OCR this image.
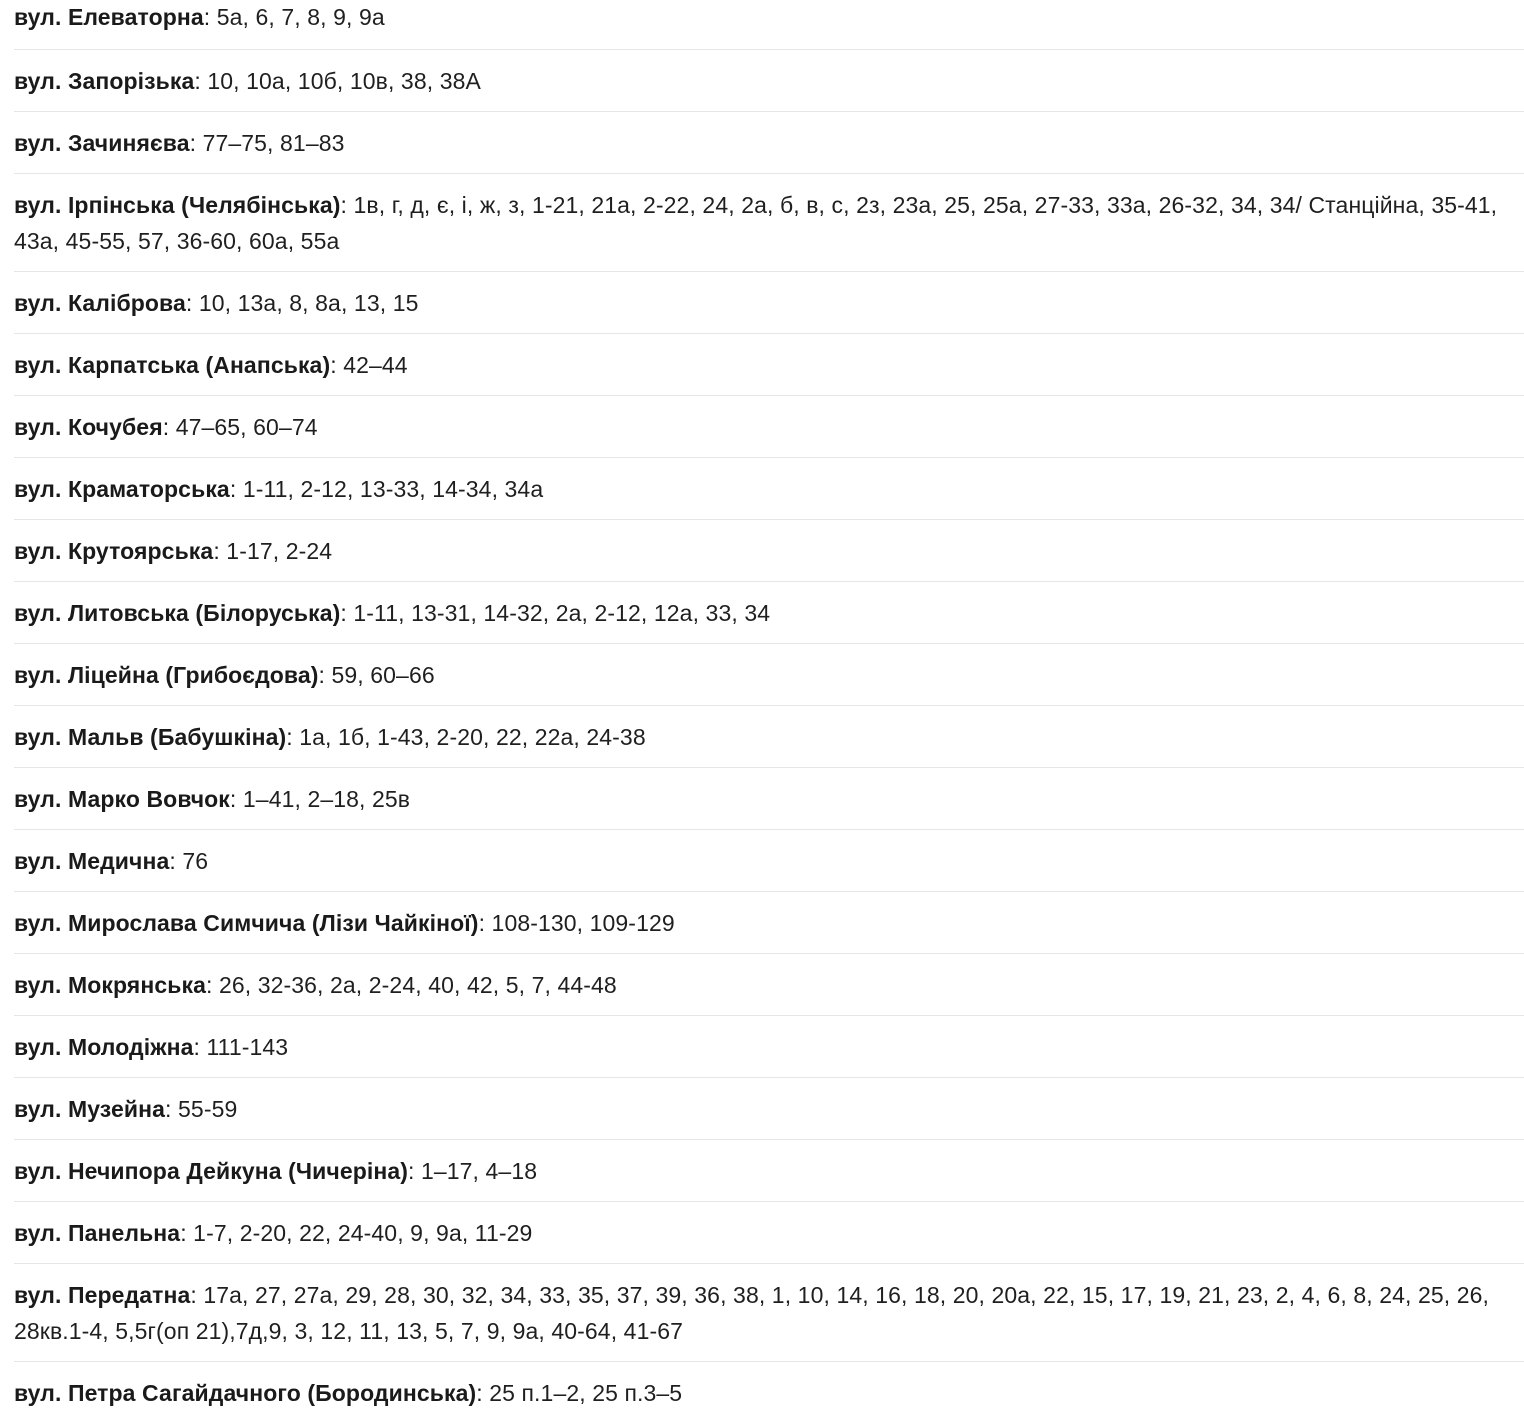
вул. Елеваторна: 5а, 6, 7, 8, 9, 9а
вул. Запорізька: 10, 10а, 10б, 10в, 38, 38А
вул. Зачиняєва: 77–75, 81–83
вул. Ірпінська (Челябінська): 1в, г, д, є, і, ж, з, 1-21, 21а, 2-22, 24, 2а, б, в, с, 2з, 23а, 25, 25а, 27-33, 33а, 26-32, 34, 34/ Станційна, 35-41, 43а, 45-55, 57, 36-60, 60а, 55а
вул. Каліброва: 10, 13а, 8, 8а, 13, 15
вул. Карпатська (Анапська): 42–44
вул. Кочубея: 47–65, 60–74
вул. Краматорська: 1-11, 2-12, 13-33, 14-34, 34а
вул. Крутоярська: 1-17, 2-24
вул. Литовська (Білоруська): 1-11, 13-31, 14-32, 2а, 2-12, 12а, 33, 34
вул. Ліцейна (Грибоєдова): 59, 60–66
вул. Мальв (Бабушкіна): 1а, 1б, 1-43, 2-20, 22, 22а, 24-38
вул. Марко Вовчок: 1–41, 2–18, 25в
вул. Медична: 76
вул. Мирослава Симчича (Лізи Чайкіної): 108-130, 109-129
вул. Мокрянська: 26, 32-36, 2а, 2-24, 40, 42, 5, 7, 44-48
вул. Молодіжна: 111-143
вул. Музейна: 55-59
вул. Нечипора Дейкуна (Чичеріна): 1–17, 4–18
вул. Панельна: 1-7, 2-20, 22, 24-40, 9, 9а, 11-29
вул. Передатна: 17а, 27, 27а, 29, 28, 30, 32, 34, 33, 35, 37, 39, 36, 38, 1, 10, 14, 16, 18, 20, 20а, 22, 15, 17, 19, 21, 23, 2, 4, 6, 8, 24, 25, 26, 28кв.1-4, 5,5г(оп 21),7д,9, 3, 12, 11, 13, 5, 7, 9, 9а, 40-64, 41-67
вул. Петра Сагайдачного (Бородинська): 25 п.1–2, 25 п.3–5
